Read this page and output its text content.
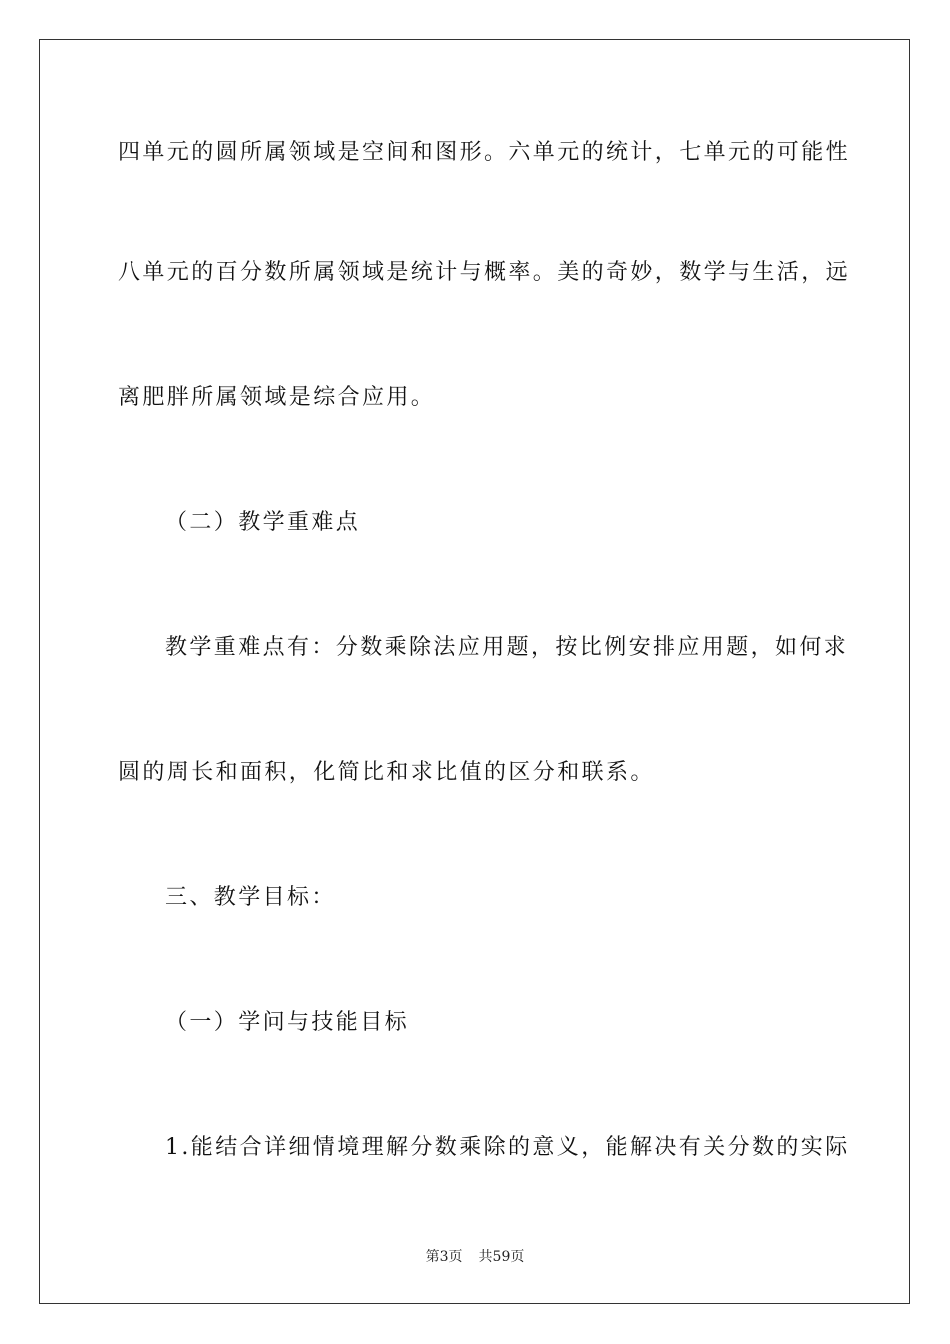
四单元的圆所属领域是空间和图形。六单元的统计，七单元的可能性
八单元的百分数所属领域是统计与概率。美的奇妙，数学与生活，远
离肥胖所属领域是综合应用。
（二）教学重难点
教学重难点有：分数乘除法应用题，按比例安排应用题，如何求
圆的周长和面积，化简比和求比值的区分和联系。
三、教学目标：
（一）学问与技能目标
1.能结合详细情境理解分数乘除的意义，能解决有关分数的实际
第3页 共59页
